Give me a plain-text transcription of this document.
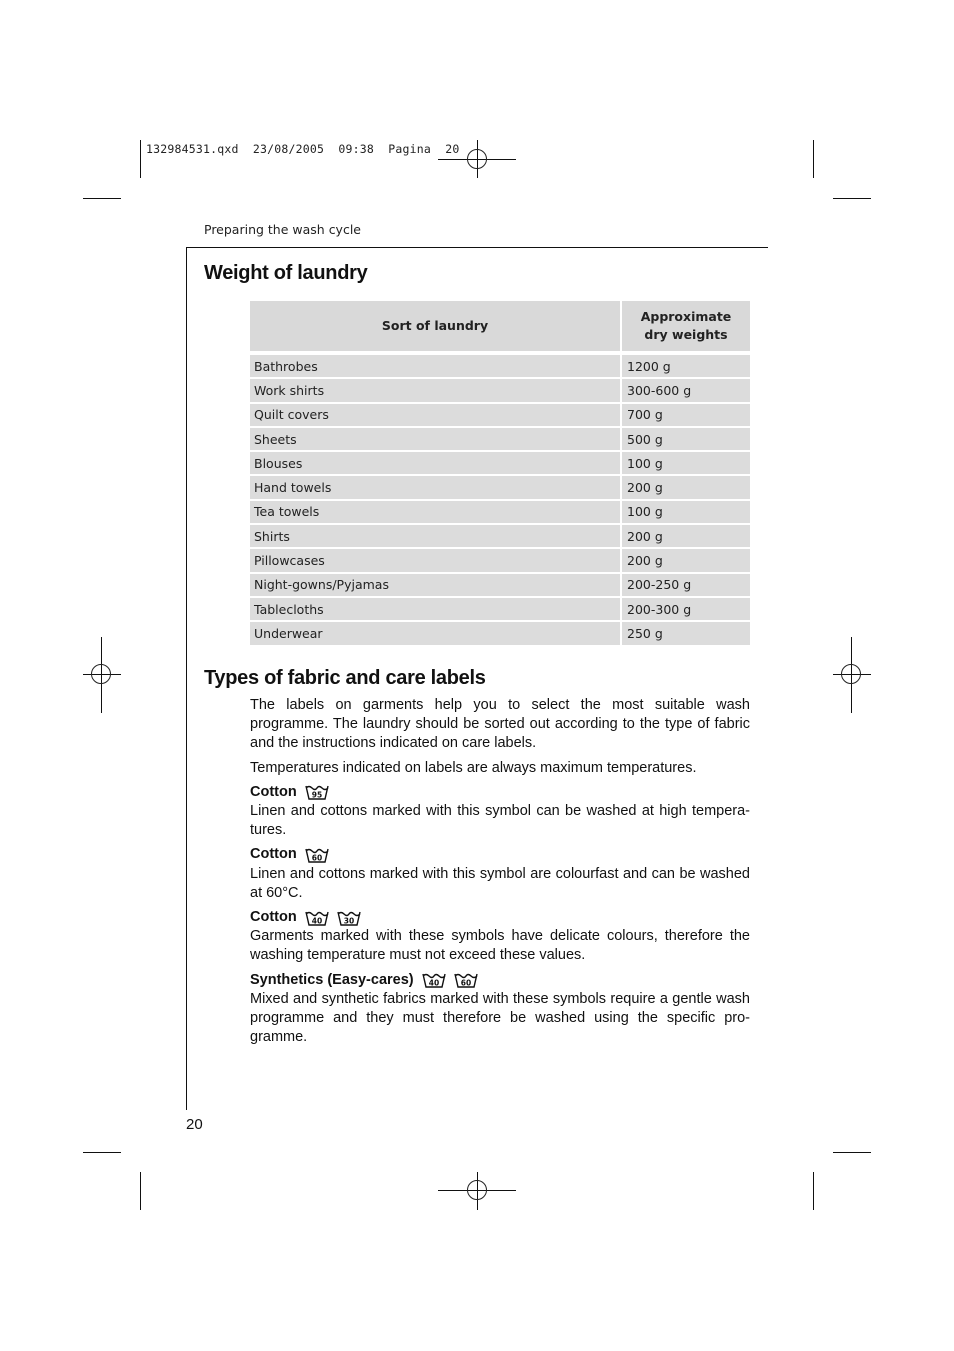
132984531.qxd  23/08/2005  09:38  Pagina  20
Preparing the wash cycle
Weight of laundry
Sort of laundry
Approximate dry weights
Bathrobes	1200 g
Work shirts	300-600 g
Quilt covers	700 g
Sheets	500 g
Blouses	100 g
Hand towels	200 g
Tea towels	100 g
Shirts	200 g
Pillowcases	200 g
Night-gowns/Pyjamas	200-250 g
Tablecloths	200-300 g
Underwear	250 g
Types of fabric and care labels

The labels on garments help you to select the most suitable wash programme. The laundry should be sorted out according to the type of fabric and the instructions indicated on care labels.

Temperatures indicated on labels are always maximum temperatures.

Cotton 95

Linen and cottons marked with this symbol can be washed at high tempera-tures.

Cotton 60

Linen and cottons marked with this symbol are colourfast and can be washed at 60°C.

Cotton 40	30

Garments marked with these symbols have delicate colours, therefore the washing temperature must not exceed these values.

Synthetics (Easy-cares) 40	60

Mixed and synthetic fabrics marked with these symbols require a gentle wash programme and they must therefore be washed using the specific pro-gramme.

20
